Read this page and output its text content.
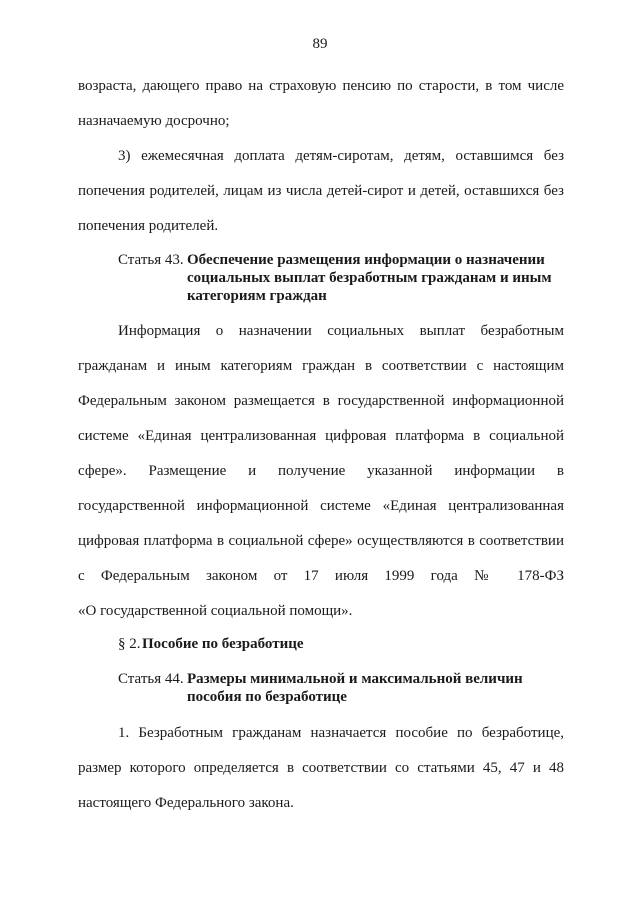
89
возраста, дающего право на страховую пенсию по старости, в том числе
назначаемую досрочно;
3) ежемесячная доплата детям-сиротам, детям, оставшимся без
попечения родителей, лицам из числа детей-сирот и детей, оставшихся без
попечения родителей.
Статья 43. Обеспечение размещения информации о назначении
социальных выплат безработным гражданам и иным
категориям граждан
Информация о назначении социальных выплат безработным
гражданам и иным категориям граждан в соответствии с настоящим
Федеральным законом размещается в государственной информационной
системе «Единая централизованная цифровая платформа в социальной
сфере». Размещение и получение указанной информации в
государственной информационной системе «Единая централизованная
цифровая платформа в социальной сфере» осуществляются в соответствии
с Федеральным законом от 17 июля 1999 года № 178-ФЗ
«О государственной социальной помощи».
§ 2. Пособие по безработице
Статья 44. Размеры минимальной и максимальной величин
пособия по безработице
1. Безработным гражданам назначается пособие по безработице,
размер которого определяется в соответствии со статьями 45, 47 и 48
настоящего Федерального закона.
